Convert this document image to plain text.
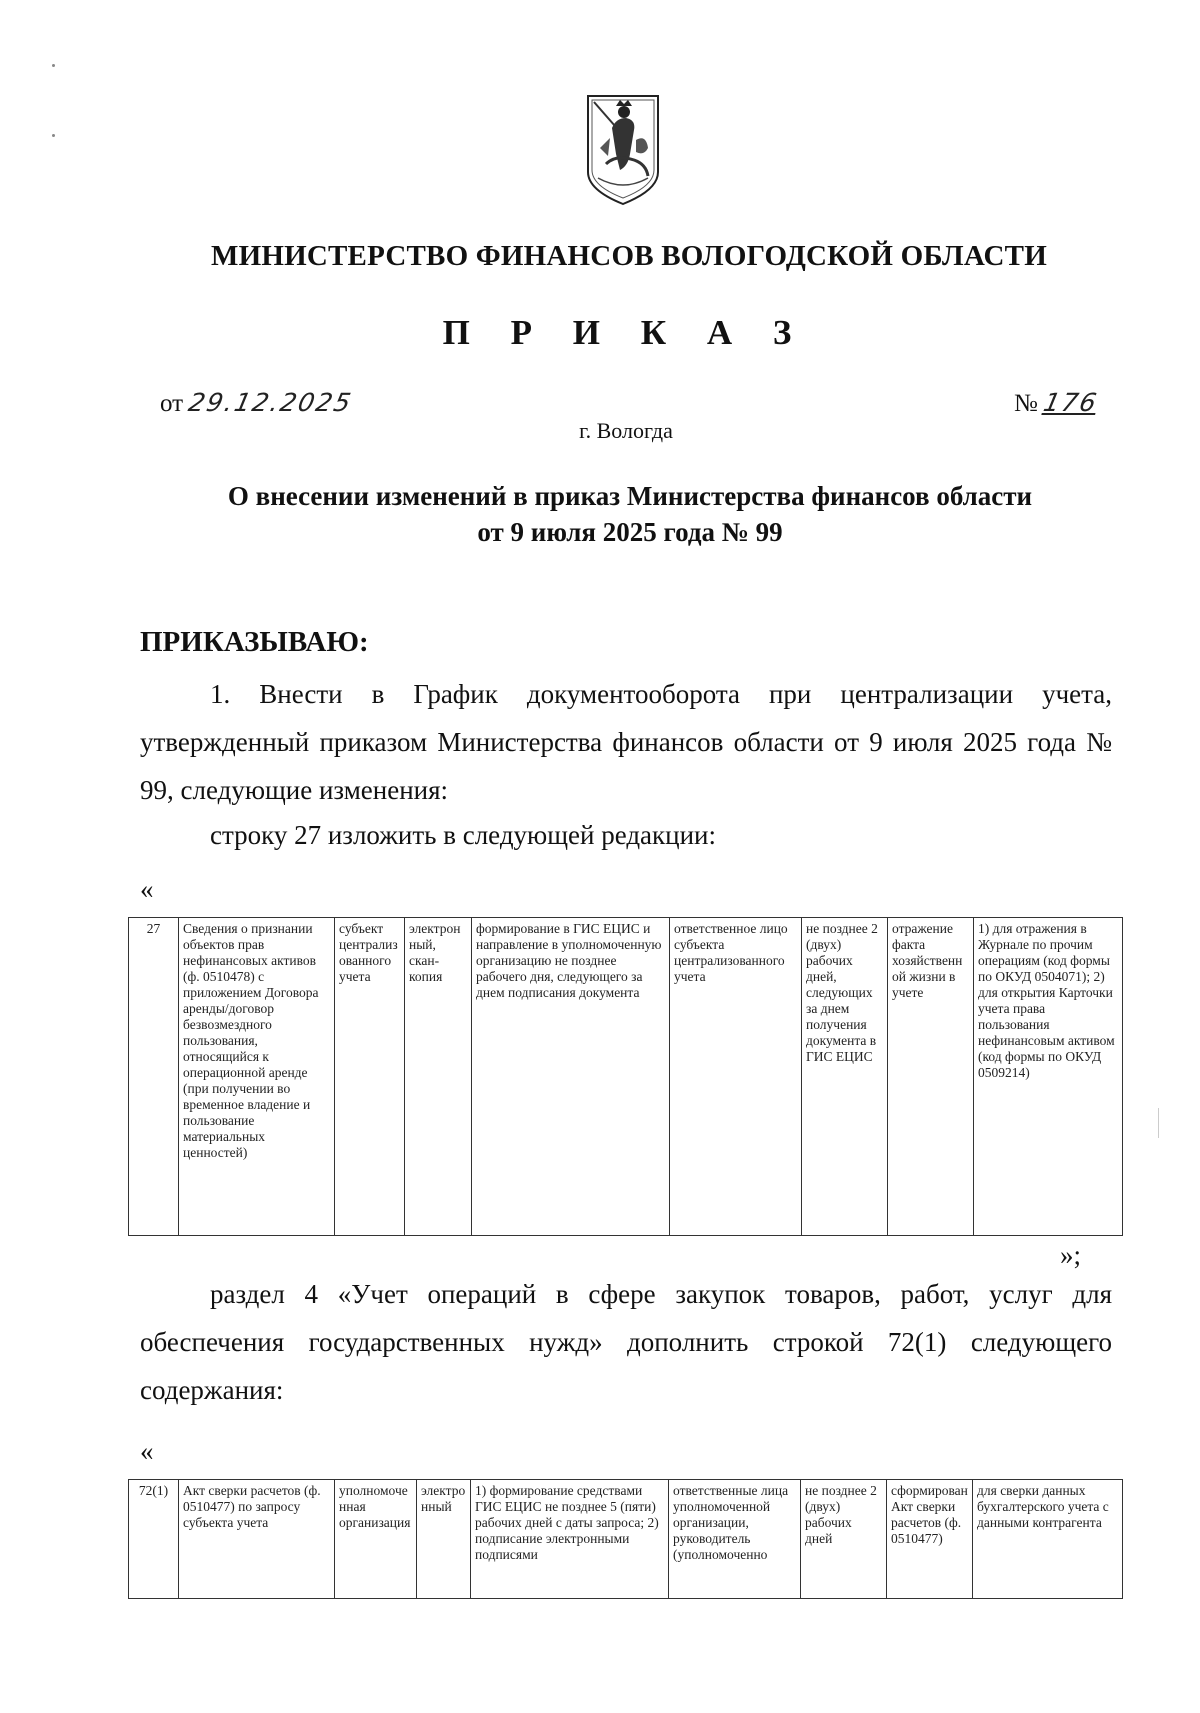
МИНИСТЕРСТВО ФИНАНСОВ ВОЛОГОДСКОЙ ОБЛАСТИ
П Р И К А З
от 29.12.2025	№ 176
г. Вологда
О внесении изменений в приказ Министерства финансов области
от 9 июля 2025 года № 99
ПРИКАЗЫВАЮ:
1. Внести в График документооборота при централизации учета, утвержденный приказом Министерства финансов области от 9 июля 2025 года № 99, следующие изменения:
строку 27 изложить в следующей редакции:
«
27	Сведения о признании объектов прав нефинансовых активов (ф. 0510478) с приложением Договора аренды/договор безвозмездного пользования, относящийся к операционной аренде (при получении во временное владение и пользование материальных ценностей)	субъект централизованного учета	электронный, скан-копия	формирование в ГИС ЕЦИС и направление в уполномоченную организацию не позднее рабочего дня, следующего за днем подписания документа	ответственное лицо субъекта централизованного учета	не позднее 2 (двух) рабочих дней, следующих за днем получения документа в ГИС ЕЦИС	отражение факта хозяйственной жизни в учете	1) для отражения в Журнале по прочим операциям (код формы по ОКУД 0504071); 2) для открытия Карточки учета права пользования нефинансовым активом (код формы по ОКУД 0509214)
»;
раздел 4 «Учет операций в сфере закупок товаров, работ, услуг для обеспечения государственных нужд» дополнить строкой 72(1) следующего содержания:
«
72(1)	Акт сверки расчетов (ф. 0510477) по запросу субъекта учета	уполномоченная организация	электронный	1) формирование средствами ГИС ЕЦИС не позднее 5 (пяти) рабочих дней с даты запроса; 2) подписание электронными подписями	ответственные лица уполномоченной организации, руководитель (уполномоченно	не позднее 2 (двух) рабочих дней	сформирован Акт сверки расчетов (ф. 0510477)	для сверки данных бухгалтерского учета с данными контрагента
